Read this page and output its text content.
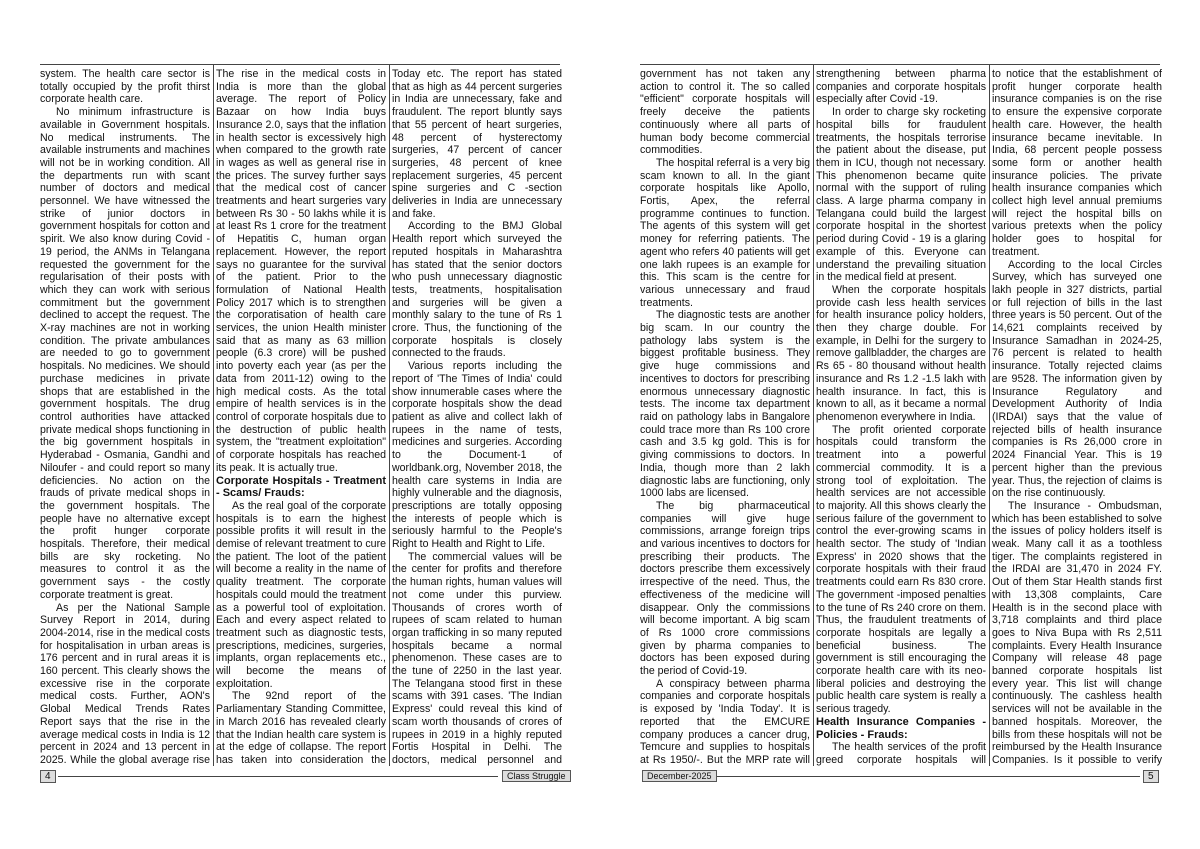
system. The health care sector is totally occupied by the profit thirst corporate health care.

No minimum infrastructure is available in Government hospitals. No medical instruments. The available instruments and machines will not be in working condition. All the departments run with scant number of doctors and medical personnel. We have witnessed the strike of junior doctors in government hospitals for cotton and spirit. We also know during Covid - 19 period, the ANMs in Telangana requested the government for the regularisation of their posts with which they can work with serious commitment but the government declined to accept the request. The X-ray machines are not in working condition. The private ambulances are needed to go to government hospitals. No medicines. We should purchase medicines in private shops that are established in the government hospitals. The drug control authorities have attacked private medical shops functioning in the big government hospitals in Hyderabad - Osmania, Gandhi and Niloufer - and could report so many deficiencies. No action on the frauds of private medical shops in the government hospitals. The people have no alternative except the profit hunger corporate hospitals. Therefore, their medical bills are sky rocketing. No measures to control it as the government says - the costly corporate treatment is great.

As per the National Sample Survey Report in 2014, during 2004-2014, rise in the medical costs for hospitalisation in urban areas is 176 percent and in rural areas it is 160 percent. This clearly shows the excessive rise in the corporate medical costs. Further, AON's Global Medical Trends Rates Report says that the rise in the average medical costs in India is 12 percent in 2024 and 13 percent in 2025. While the global average rise

The rise in the medical costs in India is more than the global average. The report of Policy Bazaar on how India buys Insurance 2.0, says that the inflation in health sector is excessively high when compared to the growth rate in wages as well as general rise in the prices. The survey further says that the medical cost of cancer treatments and heart surgeries vary between Rs 30 - 50 lakhs while it is at least Rs 1 crore for the treatment of Hepatitis C, human organ replacement. However, the report says no guarantee for the survival of the patient. Prior to the formulation of National Health Policy 2017 which is to strengthen the corporatisation of health care services, the union Health minister said that as many as 63 million people (6.3 crore) will be pushed into poverty each year (as per the data from 2011-12) owing to the high medical costs. As the total empire of health services is in the control of corporate hospitals due to the destruction of public health system, the "treatment exploitation" of corporate hospitals has reached its peak. It is actually true.

Corporate Hospitals - Treatment - Scams/ Frauds:

As the real goal of the corporate hospitals is to earn the highest possible profits it will result in the demise of relevant treatment to cure the patient. The loot of the patient will become a reality in the name of quality treatment. The corporate hospitals could mould the treatment as a powerful tool of exploitation. Each and every aspect related to treatment such as diagnostic tests, prescriptions, medicines, surgeries, implants, organ replacements etc., will become the means of exploitation.

The 92nd report of the Parliamentary Standing Committee, in March 2016 has revealed clearly that the Indian health care system is at the edge of collapse. The report has taken into consideration the

Today etc. The report has stated that as high as 44 percent surgeries in India are unnecessary, fake and fraudulent. The report bluntly says that 55 percent of heart surgeries, 48 percent of hysterectomy surgeries, 47 percent of cancer surgeries, 48 percent of knee replacement surgeries, 45 percent spine surgeries and C -section deliveries in India are unnecessary and fake.

According to the BMJ Global Health report which surveyed the reputed hospitals in Maharashtra has stated that the senior doctors who push unnecessary diagnostic tests, treatments, hospitalisation and surgeries will be given a monthly salary to the tune of Rs 1 crore. Thus, the functioning of the corporate hospitals is closely connected to the frauds.

Various reports including the report of 'The Times of India' could show innumerable cases where the corporate hospitals show the dead patient as alive and collect lakh of rupees in the name of tests, medicines and surgeries. According to the Document-1 of worldbank.org, November 2018, the health care systems in India are highly vulnerable and the diagnosis, prescriptions are totally opposing the interests of people which is seriously harmful to the People's Right to Health and Right to Life.

The commercial values will be the center for profits and therefore the human rights, human values will not come under this purview. Thousands of crores worth of rupees of scam related to human organ trafficking in so many reputed hospitals became a normal phenomenon. These cases are to the tune of 2250 in the last year. The Telangana stood first in these scams with 391 cases. 'The Indian Express' could reveal this kind of scam worth thousands of crores of rupees in 2019 in a highly reputed Fortis Hospital in Delhi. The doctors, medical personnel and

government has not taken any action to control it. The so called "efficient" corporate hospitals will freely deceive the patients continuously where all parts of human body become commercial commodities.

The hospital referral is a very big scam known to all. In the giant corporate hospitals like Apollo, Fortis, Apex, the referral programme continues to function. The agents of this system will get money for referring patients. The agent who refers 40 patients will get one lakh rupees is an example for this. This scam is the centre for various unnecessary and fraud treatments.

The diagnostic tests are another big scam. In our country the pathology labs system is the biggest profitable business. They give huge commissions and incentives to doctors for prescribing enormous unnecessary diagnostic tests. The income tax department raid on pathology labs in Bangalore could trace more than Rs 100 crore cash and 3.5 kg gold. This is for giving commissions to doctors. In India, though more than 2 lakh diagnostic labs are functioning, only 1000 labs are licensed.

The big pharmaceutical companies will give huge commissions, arrange foreign trips and various incentives to doctors for prescribing their products. The doctors prescribe them excessively irrespective of the need. Thus, the effectiveness of the medicine will disappear. Only the commissions will become important. A big scam of Rs 1000 crore commissions given by pharma companies to doctors has been exposed during the period of Covid-19.

A conspiracy between pharma companies and corporate hospitals is exposed by 'India Today'. It is reported that the EMCURE company produces a cancer drug, Temcure and supplies to hospitals at Rs 1950/-. But the MRP rate will

strengthening between pharma companies and corporate hospitals especially after Covid -19.

In order to charge sky rocketing hospital bills for fraudulent treatments, the hospitals terrorise the patient about the disease, put them in ICU, though not necessary. This phenomenon became quite normal with the support of ruling class. A large pharma company in Telangana could build the largest corporate hospital in the shortest period during Covid - 19 is a glaring example of this. Everyone can understand the prevailing situation in the medical field at present.

When the corporate hospitals provide cash less health services for health insurance policy holders, then they charge double. For example, in Delhi for the surgery to remove gallbladder, the charges are Rs 65 - 80 thousand without health insurance and Rs 1.2 -1.5 lakh with health insurance. In fact, this is known to all, as it became a normal phenomenon everywhere in India.

The profit oriented corporate hospitals could transform the treatment into a powerful commercial commodity. It is a strong tool of exploitation. The health services are not accessible to majority. All this shows clearly the serious failure of the government to control the ever-growing scams in health sector. The study of 'Indian Express' in 2020 shows that the corporate hospitals with their fraud treatments could earn Rs 830 crore. The government -imposed penalties to the tune of Rs 240 crore on them. Thus, the fraudulent treatments of corporate hospitals are legally a beneficial business. The government is still encouraging the corporate health care with its neo-liberal policies and destroying the public health care system is really a serious tragedy.

Health Insurance Companies - Policies - Frauds:

The health services of the profit greed corporate hospitals will

to notice that the establishment of profit hunger corporate health insurance companies is on the rise to ensure the expensive corporate health care. However, the health insurance became inevitable. In India, 68 percent people possess some form or another health insurance policies. The private health insurance companies which collect high level annual premiums will reject the hospital bills on various pretexts when the policy holder goes to hospital for treatment.

According to the local Circles Survey, which has surveyed one lakh people in 327 districts, partial or full rejection of bills in the last three years is 50 percent. Out of the 14,621 complaints received by Insurance Samadhan in 2024-25, 76 percent is related to health insurance. Totally rejected claims are 9528. The information given by Insurance Regulatory and Development Authority of India (IRDAI) says that the value of rejected bills of health insurance companies is Rs 26,000 crore in 2024 Financial Year. This is 19 percent higher than the previous year. Thus, the rejection of claims is on the rise continuously.

The Insurance - Ombudsman, which has been established to solve the issues of policy holders itself is weak. Many call it as a toothless tiger. The complaints registered in the IRDAI are 31,470 in 2024 FY. Out of them Star Health stands first with 13,308 complaints, Care Health is in the second place with 3,718 complaints and third place goes to Niva Bupa with Rs 2,511 complaints. Every Health Insurance Company will release 48 page banned corporate hospitals list every year. This list will change continuously. The cashless health services will not be available in the banned hospitals. Moreover, the bills from these hospitals will not be reimbursed by the Health Insurance Companies. Is it possible to verify

4	Class Struggle	December-2025	5
